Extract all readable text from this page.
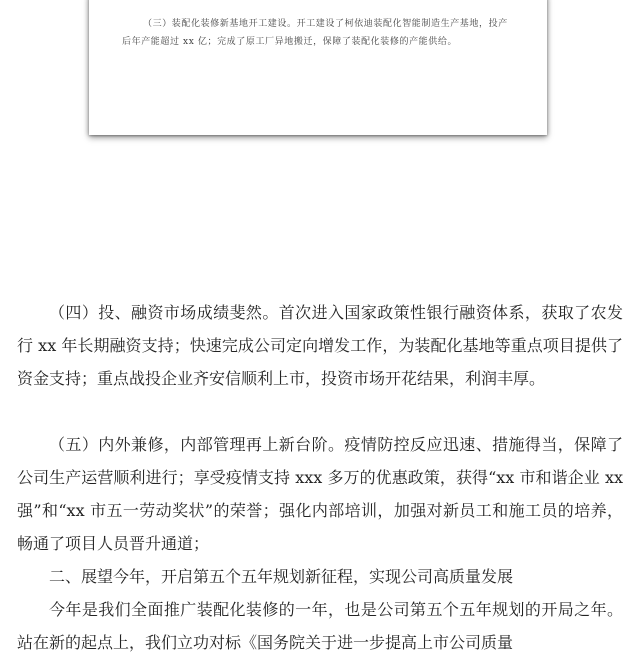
（三）装配化装修新基地开工建设。开工建设了柯依迪装配化智能制造生产基地，投产后年产能超过 xx 亿；完成了原工厂异地搬迁，保障了装配化装修的产能供给。

（四）投、融资市场成绩斐然。首次进入国家政策性银行融资体系，获取了农发行 xx 年长期融资支持；快速完成公司定向增发工作，为装配化基地等重点项目提供了资金支持；重点战投企业齐安信顺利上市，投资市场开花结果，利润丰厚。

（五）内外兼修，内部管理再上新台阶。疫情防控反应迅速、措施得当，保障了公司生产运营顺利进行；享受疫情支持 xxx 多万的优惠政策，获得“xx 市和谐企业 xx 强”和“xx 市五一劳动奖状”的荣誉；强化内部培训，加强对新员工和施工员的培养，畅通了项目人员晋升通道；

二、展望今年，开启第五个五年规划新征程，实现公司高质量发展

今年是我们全面推广装配化装修的一年，也是公司第五个五年规划的开局之年。站在新的起点上，我们立功对标《国务院关于进一步提高上市公司质量
